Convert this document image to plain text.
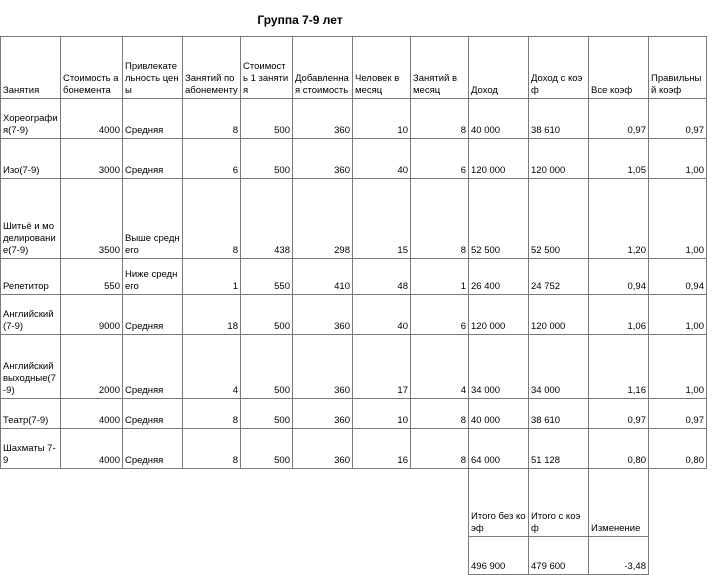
Группа 7-9 лет
Занятия	Стоимость абонемента	Привлекательность цены	Занятий по абонементу	Стоимость 1 занятия	Добавленная стоимость	Человек в месяц	Занятий в месяц	Доход	Доход с коэф	Все коэф	Правильный коэф
Хореография(7-9)	4000	Средняя	8	500	360	10	8	40 000	38 610	0,97	0,97
Изо(7-9)	3000	Средняя	6	500	360	40	6	120 000	120 000	1,05	1,00
Шитьё и моделирование(7-9)	3500	Выше среднего	8	438	298	15	8	52 500	52 500	1,20	1,00
Репетитор	550	Ниже среднего	1	550	410	48	1	26 400	24 752	0,94	0,94
Английский(7-9)	9000	Средняя	18	500	360	40	6	120 000	120 000	1,06	1,00
Английский выходные(7-9)	2000	Средняя	4	500	360	17	4	34 000	34 000	1,16	1,00
Театр(7-9)	4000	Средняя	8	500	360	10	8	40 000	38 610	0,97	0,97
Шахматы 7-9	4000	Средняя	8	500	360	16	8	64 000	51 128	0,80	0,80
								Итого без коэф	Итого с коэф	Изменение	
								496 900	479 600	-3,48	
